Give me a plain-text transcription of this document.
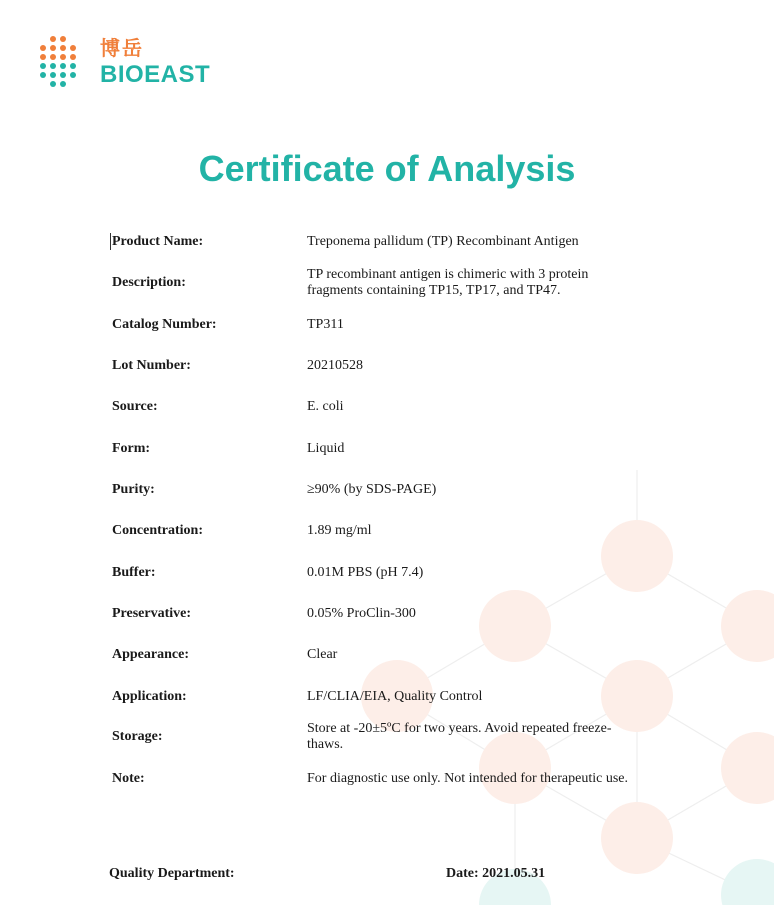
博岳
BIOEAST
Certificate of Analysis
Product Name:	Treponema pallidum (TP) Recombinant Antigen
Description:
TP recombinant antigen is chimeric with 3 protein fragments containing TP15, TP17, and TP47.
Catalog Number:	TP311
Lot Number:	20210528
Source:	E. coli
Form:	Liquid
Purity:	≥90% (by SDS-PAGE)
Concentration:	1.89 mg/ml
Buffer:	0.01M PBS (pH 7.4)
Preservative:	0.05% ProClin-300
Appearance:	Clear
Application:	LF/CLIA/EIA, Quality Control
Storage:
Store at -20±5ºC for two years. Avoid repeated freeze-thaws.
Note:	For diagnostic use only. Not intended for therapeutic use.
Quality Department:	Date: 2021.05.31
